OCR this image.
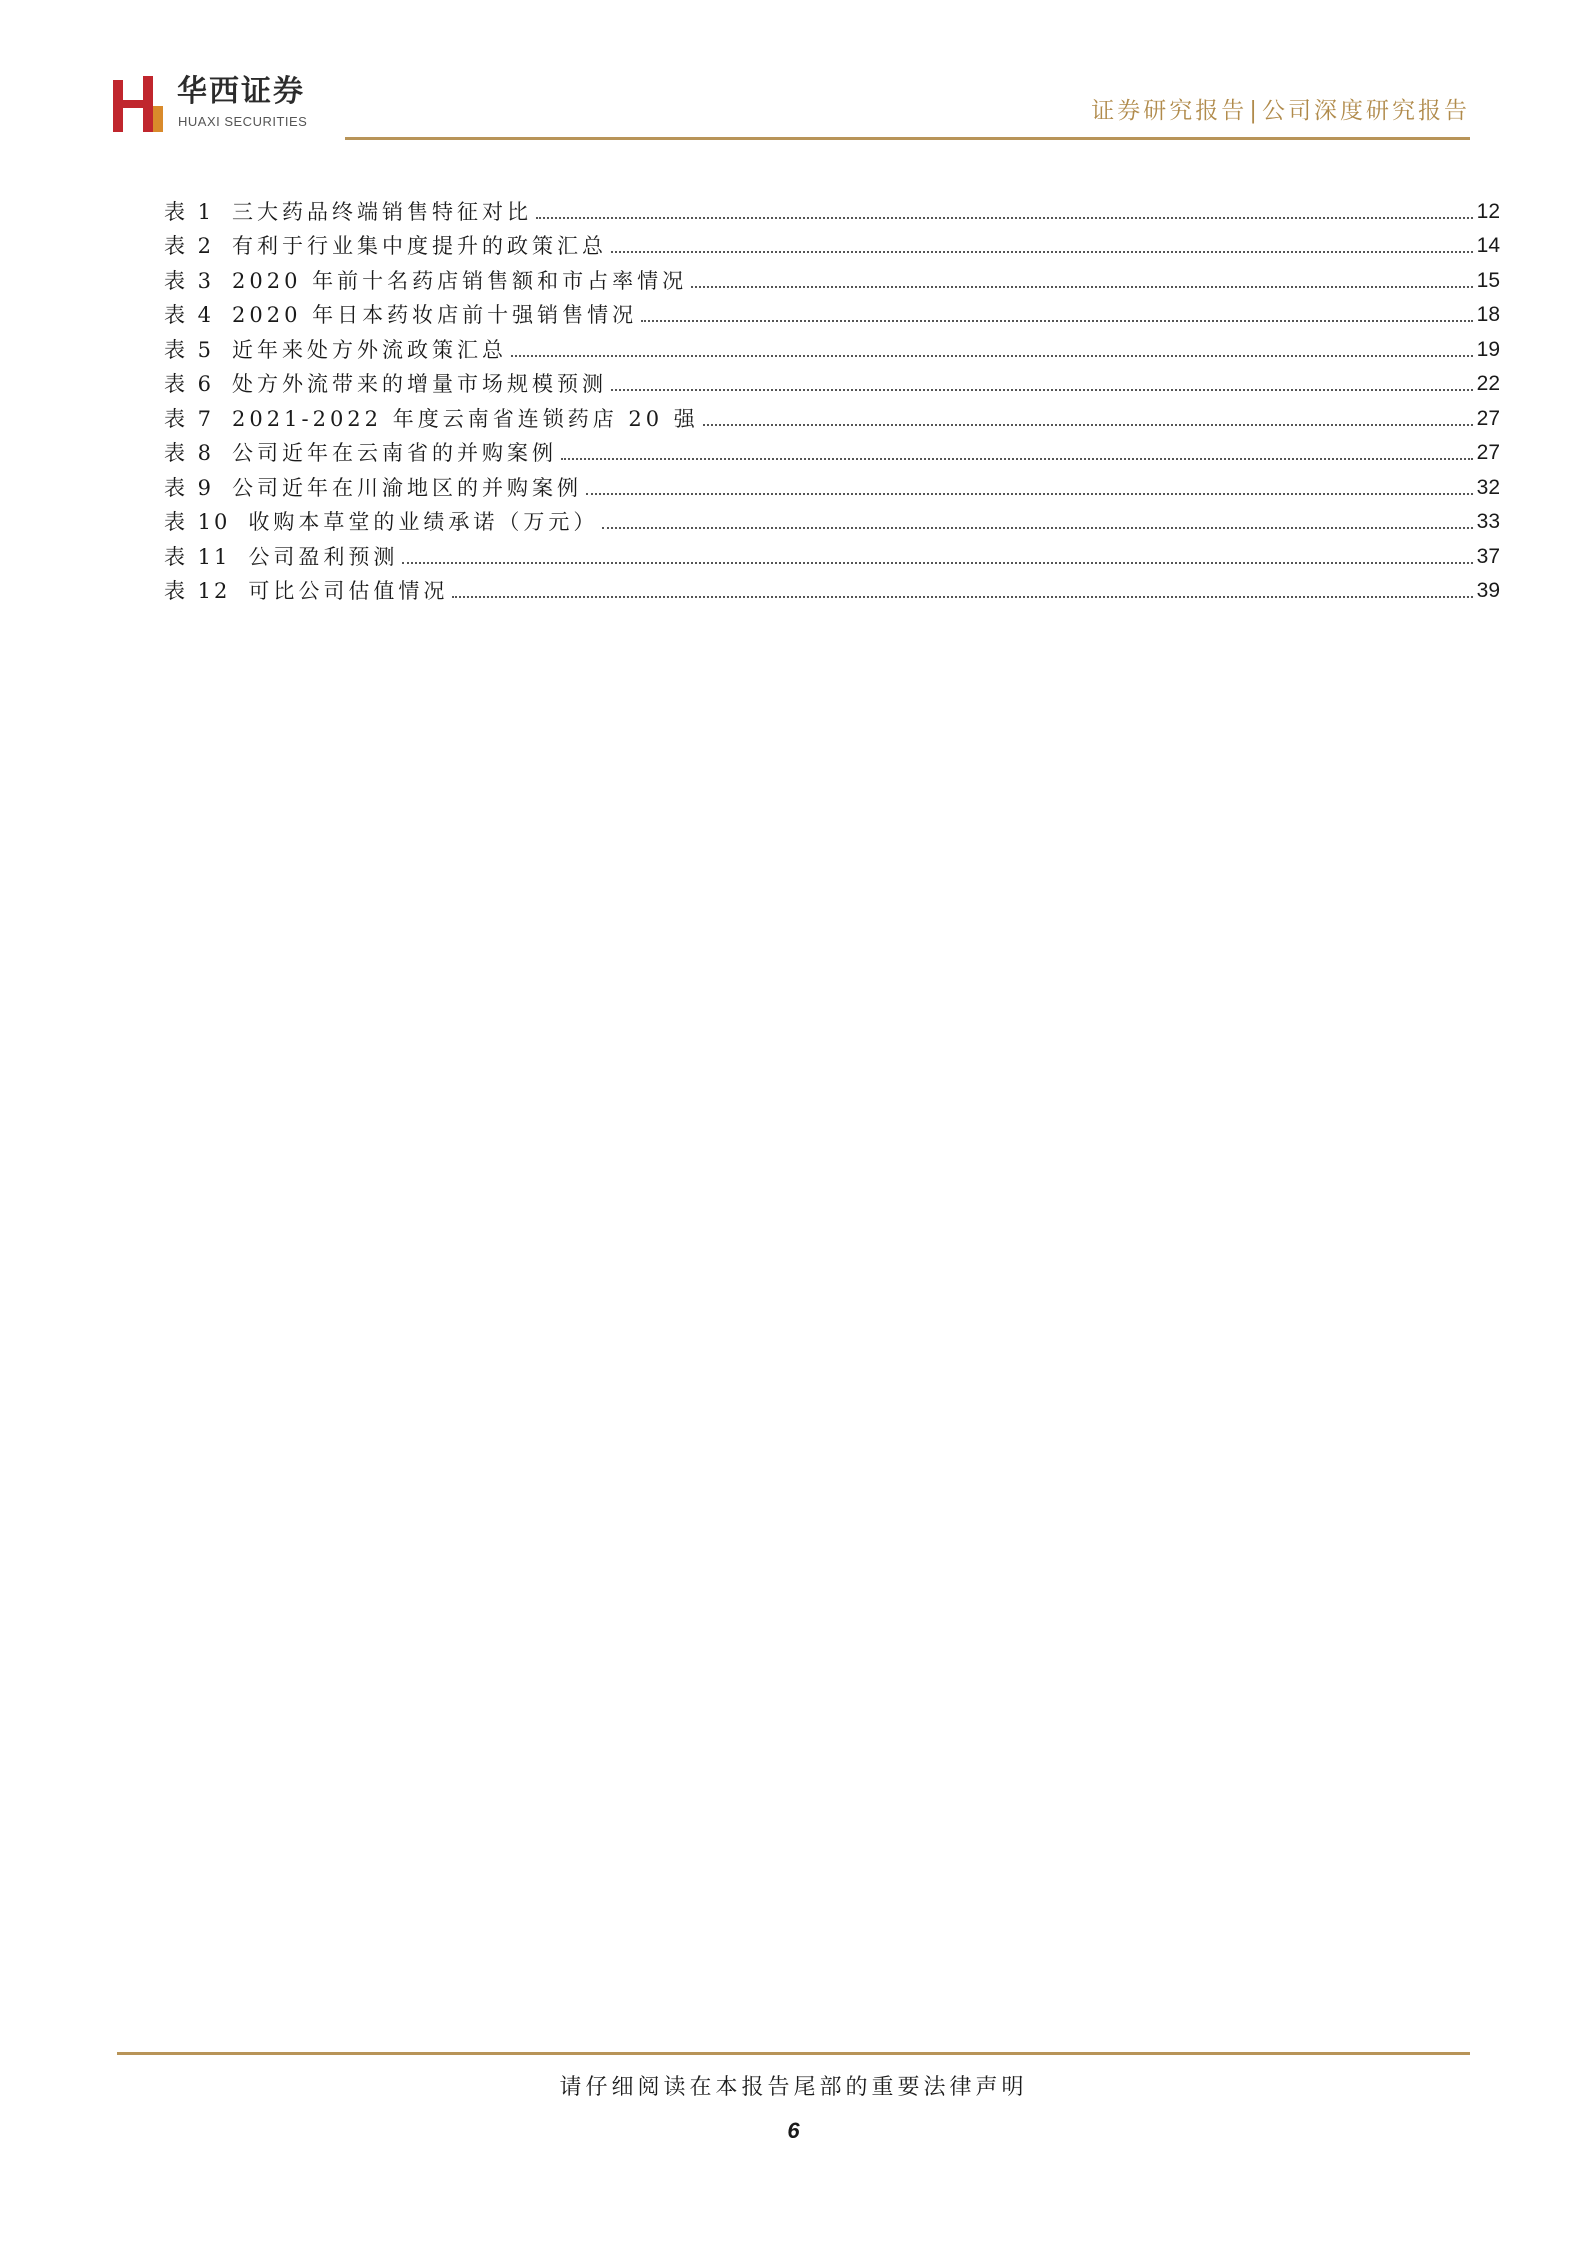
华西证券
HUAXI SECURITIES	证券研究报告|公司深度研究报告
表 1 三大药品终端销售特征对比	12
表 2 有利于行业集中度提升的政策汇总	14
表 3 2020 年前十名药店销售额和市占率情况	15
表 4 2020 年日本药妆店前十强销售情况	18
表 5 近年来处方外流政策汇总	19
表 6 处方外流带来的增量市场规模预测	22
表 7 2021-2022 年度云南省连锁药店 20 强	27
表 8 公司近年在云南省的并购案例	27
表 9 公司近年在川渝地区的并购案例	32
表 10 收购本草堂的业绩承诺（万元）	33
表 11 公司盈利预测	37
表 12 可比公司估值情况	39
请仔细阅读在本报告尾部的重要法律声明
6
